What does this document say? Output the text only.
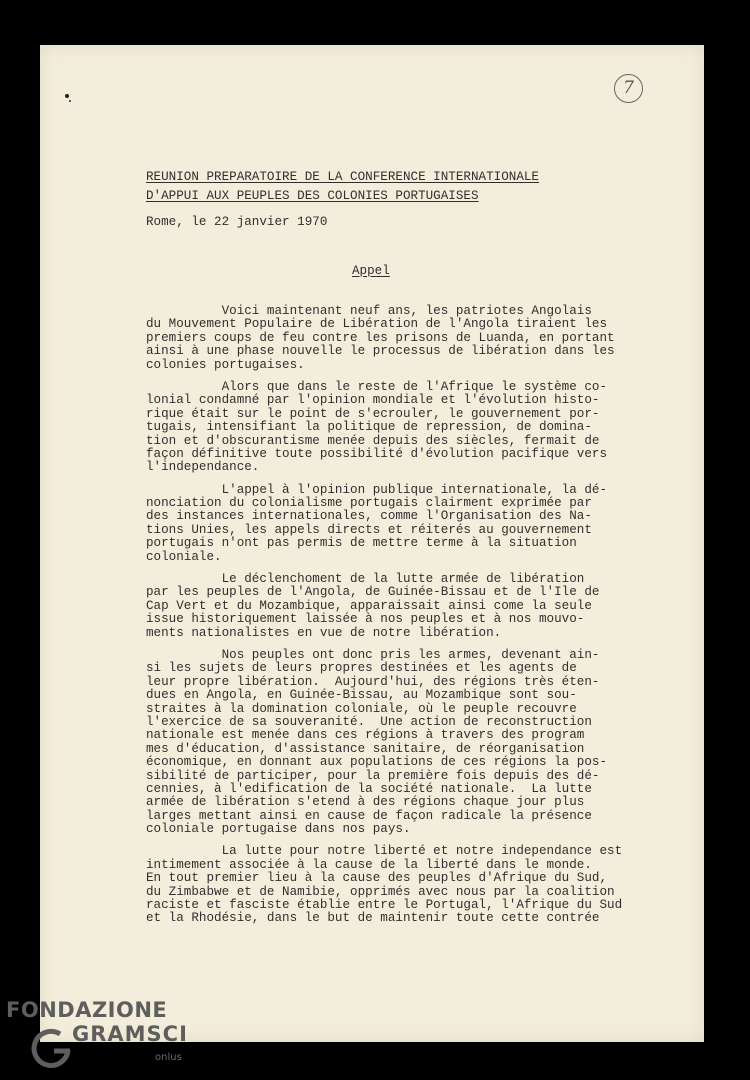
7
REUNION PREPARATOIRE DE LA CONFERENCE INTERNATIONALE
D'APPUI AUX PEUPLES DES COLONIES PORTUGAISES
Rome, le 22 janvier 1970
Appel
Voici maintenant neuf ans, les patriotes Angolais
du Mouvement Populaire de Libération de l'Angola tiraient les
premiers coups de feu contre les prisons de Luanda, en portant
ainsi à une phase nouvelle le processus de libération dans les
colonies portugaises.
Alors que dans le reste de l'Afrique le système co-
lonial condamné par l'opinion mondiale et l'évolution histo-
rique était sur le point de s'ecrouler, le gouvernement por-
tugais, intensifiant la politique de repression, de domina-
tion et d'obscurantisme menée depuis des siècles, fermait de
façon définitive toute possibilité d'évolution pacifique vers
l'independance.
L'appel à l'opinion publique internationale, la dé-
nonciation du colonialisme portugais clairment exprimée par
des instances internationales, comme l'Organisation des Na-
tions Unies, les appels directs et réiterés au gouvernement
portugais n'ont pas permis de mettre terme à la situation
coloniale.
Le déclenchoment de la lutte armée de libération
par les peuples de l'Angola, de Guinée-Bissau et de l'Ile de
Cap Vert et du Mozambique, apparaissait ainsi come la seule
issue historiquement laissée à nos peuples et à nos mouvo-
ments nationalistes en vue de notre libération.
Nos peuples ont donc pris les armes, devenant ain-
si les sujets de leurs propres destinées et les agents de
leur propre libération.  Aujourd'hui, des régions très éten-
dues en Angola, en Guinée-Bissau, au Mozambique sont sou-
straites à la domination coloniale, où le peuple recouvre
l'exercice de sa souveranité.  Une action de reconstruction
nationale est menée dans ces régions à travers des program
mes d'éducation, d'assistance sanitaire, de réorganisation
économique, en donnant aux populations de ces régions la pos-
sibilité de participer, pour la première fois depuis des dé-
cennies, à l'edification de la société nationale.  La lutte
armée de libération s'etend à des régions chaque jour plus
larges mettant ainsi en cause de façon radicale la présence
coloniale portugaise dans nos pays.
La lutte pour notre liberté et notre independance est
intimement associée à la cause de la liberté dans le monde.
En tout premier lieu à la cause des peuples d'Afrique du Sud,
du Zimbabwe et de Namibie, opprimés avec nous par la coalition
raciste et fasciste établie entre le Portugal, l'Afrique du Sud
et la Rhodésie, dans le but de maintenir toute cette contrée
FONDAZIONE
GRAMSCI
onlus
